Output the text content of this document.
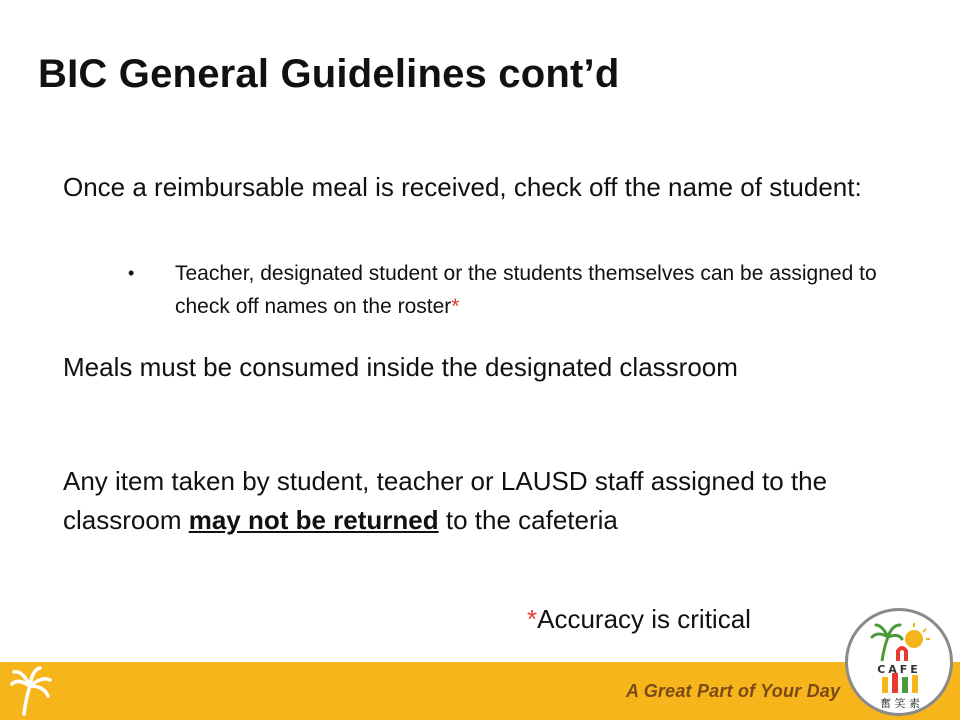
BIC General Guidelines cont’d

Once a reimbursable meal is received, check off the name of student:

• Teacher, designated student or the students themselves can be assigned to check off names on the roster*

Meals must be consumed inside the designated classroom

Any item taken by student, teacher or LAUSD staff assigned to the classroom may not be returned to the cafeteria

*Accuracy is critical

A Great Part of Your Day
CAFE
奮 笑 素
